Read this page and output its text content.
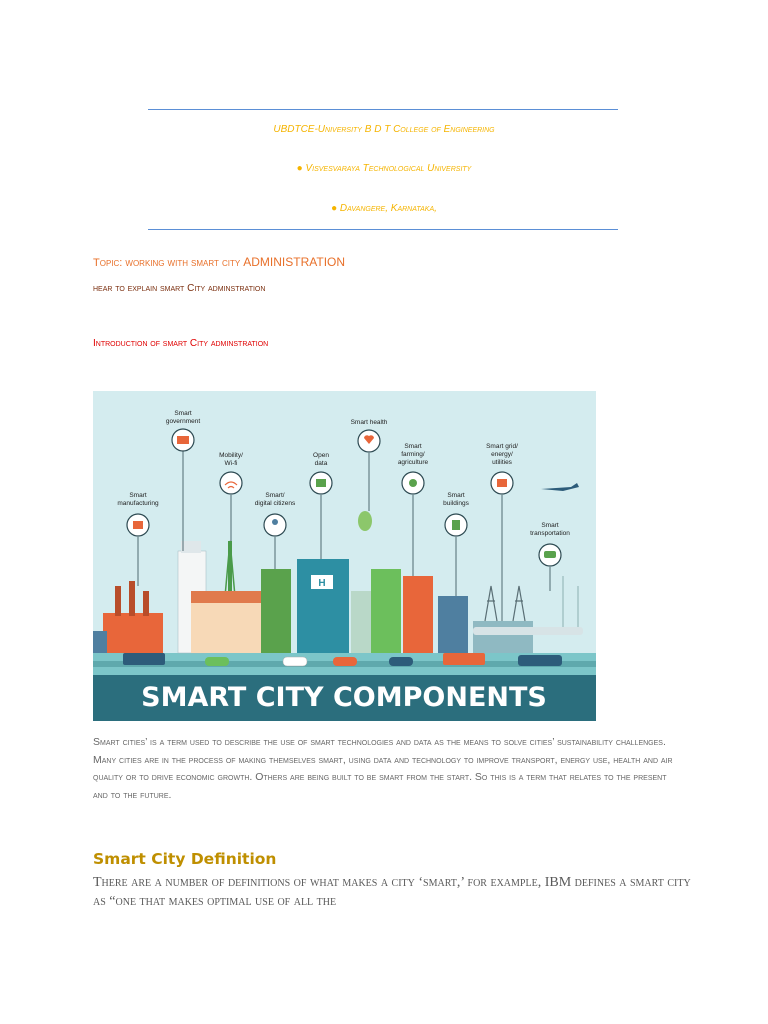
UBDTCE-University B D T College of Engineering
● Visvesvaraya Technological University
● Davangere, Karnataka,
Topic: working with smart city ADMINISTRATION
hear to explain smart City adminstration
Introduction of smart City adminstration
H
Smart government	Smart health
Mobility/ Wi-fi
Open data
Smart farming/ agriculture
Smart grid/ energy/ utilities
Smart manufacturing
Smart/ digital citizens
Smart buildings
Smart transportation
SMART CITY COMPONENTS
Smart cities’ is a term used to describe the use of smart technologies and data as the means to solve cities’ sustainability challenges. Many cities are in the process of making themselves smart, using data and technology to improve transport, energy use, health and air quality or to drive economic growth. Others are being built to be smart from the start. So this is a term that relates to the present and to the future.
Smart City Definition
There are a number of definitions of what makes a city ‘smart,’ for example, IBM defines a smart city as “one that makes optimal use of all the
